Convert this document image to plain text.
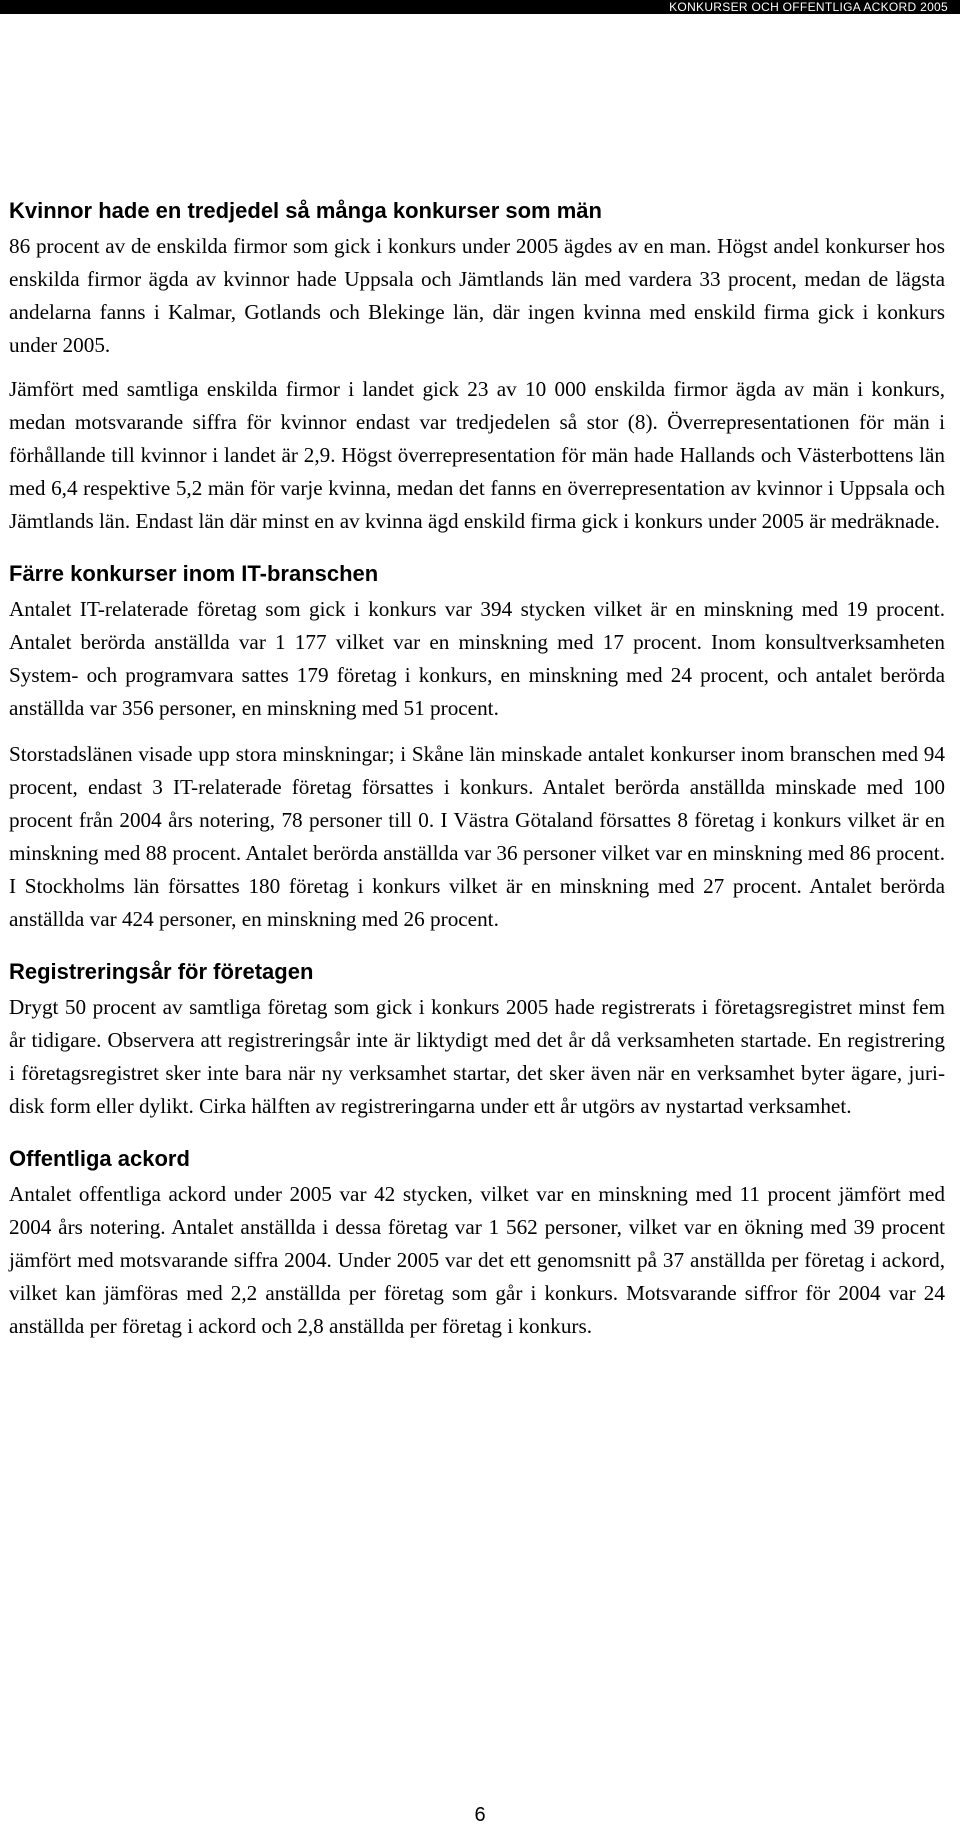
KONKURSER OCH OFFENTLIGA ACKORD 2005
Kvinnor hade en tredjedel så många konkurser som män

86 procent av de enskilda firmor som gick i konkurs under 2005 ägdes av en man. Högst andel konkurser hos enskilda firmor ägda av kvinnor hade Uppsala och Jämtlands län med vardera 33 procent, medan de lägsta andelarna fanns i Kalmar, Gotlands och Blekinge län, där ingen kvinna med enskild firma gick i konkurs under 2005.

Jämfört med samtliga enskilda firmor i landet gick 23 av 10 000 enskilda firmor ägda av män i konkurs, medan motsvarande siffra för kvinnor endast var tredjedelen så stor (8). Överrepresentationen för män i förhållande till kvinnor i landet är 2,9. Högst överrepresentation för män hade Hallands och Västerbottens län med 6,4 respektive 5,2 män för varje kvinna, medan det fanns en överrepresentation av kvinnor i Uppsala och Jämtlands län. Endast län där minst en av kvinna ägd enskild firma gick i konkurs under 2005 är medräknade.

Färre konkurser inom IT-branschen

Antalet IT-relaterade företag som gick i konkurs var 394 stycken vilket är en minskning med 19 procent. Antalet berörda anställda var 1 177 vilket var en minskning med 17 procent. Inom konsultverksamheten System- och programvara sattes 179 företag i konkurs, en minskning med 24 procent, och antalet berörda anställda var 356 personer, en minskning med 51 procent.

Storstadslänen visade upp stora minskningar; i Skåne län minskade antalet konkurser inom branschen med 94 procent, endast 3 IT-relaterade företag försattes i konkurs. Antalet berörda anställda minskade med 100 procent från 2004 års notering, 78 personer till 0. I Västra Götaland försattes 8 företag i konkurs vilket är en minskning med 88 procent. Antalet berörda anställda var 36 personer vilket var en minskning med 86 procent. I Stockholms län försattes 180 företag i konkurs vilket är en minskning med 27 procent. Antalet berörda anställda var 424 personer, en minskning med 26 procent.

Registreringsår för företagen

Drygt 50 procent av samtliga företag som gick i konkurs 2005 hade registrerats i företagsregistret minst fem år tidigare. Observera att registreringsår inte är liktydigt med det år då verksamheten startade. En registrering i företagsregistret sker inte bara när ny verksamhet startar, det sker även när en verksamhet byter ägare, juridisk form eller dylikt. Cirka hälften av registreringarna under ett år utgörs av nystartad verksamhet.

Offentliga ackord

Antalet offentliga ackord under 2005 var 42 stycken, vilket var en minskning med 11 procent jämfört med 2004 års notering. Antalet anställda i dessa företag var 1 562 personer, vilket var en ökning med 39 procent jämfört med motsvarande siffra 2004. Under 2005 var det ett genomsnitt på 37 anställda per företag i ackord, vilket kan jämföras med 2,2 anställda per företag som går i konkurs. Motsvarande siffror för 2004 var 24 anställda per företag i ackord och 2,8 anställda per företag i konkurs.

6
